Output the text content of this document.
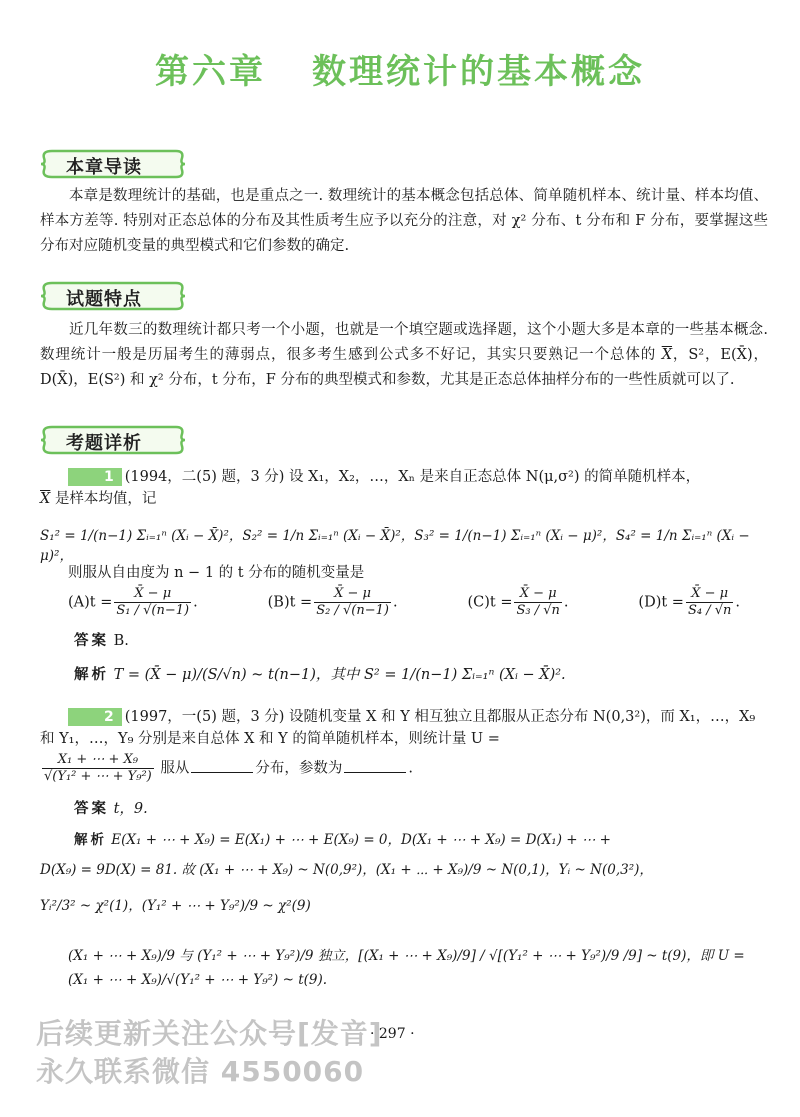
第六章 数理统计的基本概念
本章导读

本章是数理统计的基础，也是重点之一. 数理统计的基本概念包括总体、简单随机样本、统计量、样本均值、样本方差等. 特别对正态总体的分布及其性质考生应予以充分的注意，对 χ² 分布、t 分布和 F 分布，要掌握这些分布对应随机变量的典型模式和它们参数的确定.

试题特点

近几年数三的数理统计都只考一个小题，也就是一个填空题或选择题，这个小题大多是本章的一些基本概念. 数理统计一般是历届考生的薄弱点，很多考生感到公式多不好记，其实只要熟记一个总体的 $\overline{X}$，S²，E(X̄)，D(X̄)，E(S²) 和 χ² 分布，t 分布，F 分布的典型模式和参数，尤其是正态总体抽样分布的一些性质就可以了.

考题详析
1 (1994，二(5) 题，3 分) 设 X₁，X₂，…，Xₙ 是来自正态总体 N(μ,σ²) 的简单随机样本，
$\overline{X}$ 是样本均值，记
S₁² = 1/(n−1) Σᵢ₌₁ⁿ (Xᵢ − X̄)²，S₂² = 1/n Σᵢ₌₁ⁿ (Xᵢ − X̄)²，S₃² = 1/(n−1) Σᵢ₌₁ⁿ (Xᵢ − μ)²，S₄² = 1/n Σᵢ₌₁ⁿ (Xᵢ − μ)²，
则服从自由度为 n − 1 的 t 分布的随机变量是
$(A)t = \frac{X̄ - \mu}{\text{S₁ / √(n−1)}}$ .	$(B)t = \frac{X̄ - \mu}{\text{S₂ / √(n−1)}}$ .	$(C)t = \frac{X̄ - \mu}{\text{S₃ / √n}}$ .	$(D)t = \frac{X̄ - \mu}{\text{S₄ / √n}}$ .
答案 B.
解析 T = (X̄ − μ)/(S/√n) ~ t(n−1)，其中 S² = 1/(n−1) Σᵢ₌₁ⁿ (Xᵢ − X̄)².
2 (1997，一(5) 题，3 分) 设随机变量 X 和 Y 相互独立且都服从正态分布 N(0,3²)，而 X₁，…，X₉ 和 Y₁，…，Y₉ 分别是来自总体 X 和 Y 的简单随机样本，则统计量 U =
$\frac{\text{X₁ + ⋯ + X₉}}{\text{√(Y₁² + ⋯ + Y₉²)}}$ 服从	分布，参数为	.
答案 t，9.
解析 E(X₁ + ⋯ + X₉) = E(X₁) + ⋯ + E(X₉) = 0，D(X₁ + ⋯ + X₉) = D(X₁) + ⋯ +
D(X₉) = 9D(X) = 81. 故 (X₁ + ⋯ + X₉) ~ N(0,9²)，(X₁ + ⋯ + X₉)/9 ~ N(0,1)，Yᵢ ~ N(0,3²)，
Yᵢ²/3² ~ χ²(1)，(Y₁² + ⋯ + Y₉²)/9 ~ χ²(9)
(X₁ + ⋯ + X₉)/9 与 (Y₁² + ⋯ + Y₉²)/9 独立，[(X₁ + ⋯ + X₉)/9] / √[(Y₁² + ⋯ + Y₉²)/9 /9] ~ t(9)，即 U = (X₁ + ⋯ + X₉)/√(Y₁² + ⋯ + Y₉²) ~ t(9).
· 297 ·
后续更新关注公众号[发音]
永久联系微信 4550060
